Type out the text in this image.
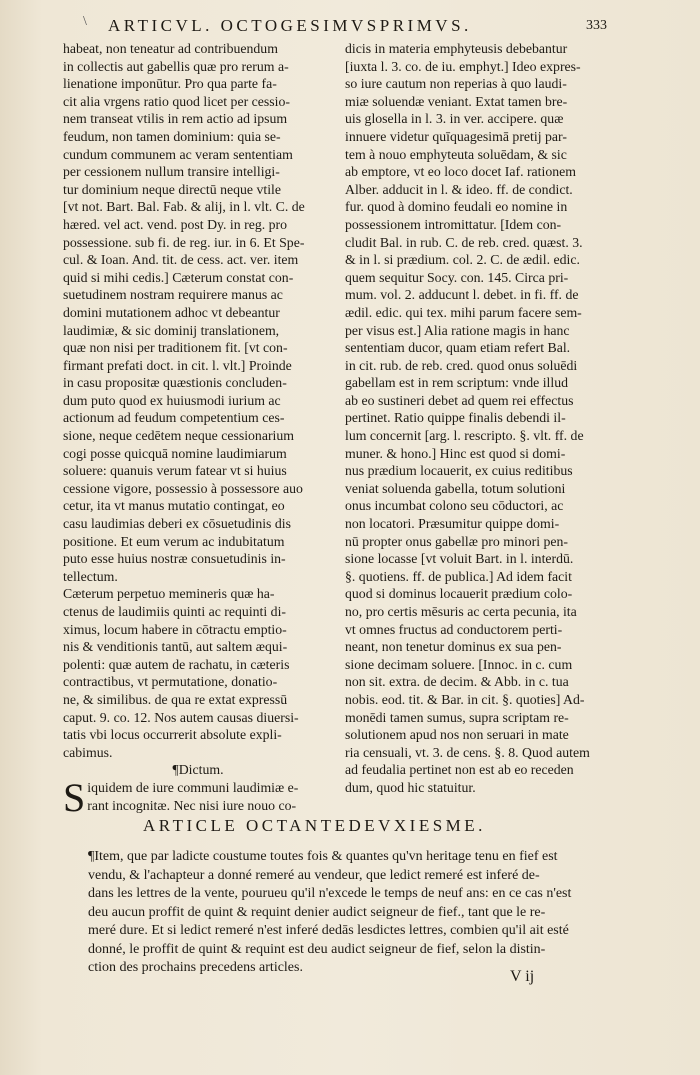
\ ARTICVL. OCTOGESIMVSPRIMVS.	333
habeat, non teneatur ad contribuendum
in collectis aut gabellis quæ pro rerum a-
lienatione imponūtur. Pro qua parte fa-
cit alia vrgens ratio quod licet per cessio-
nem transeat vtilis in rem actio ad ipsum
feudum, non tamen dominium: quia se-
cundum communem ac veram sententiam
per cessionem nullum transire intelligi-
tur dominium neque directū neque vtile
[vt not. Bart. Bal. Fab. & alij, in l. vlt. C. de
hæred. vel act. vend. post Dy. in reg. pro
possessione. sub fi. de reg. iur. in 6. Et Spe-
cul. & Ioan. And. tit. de cess. act. ver. item
quid si mihi cedis.] Cæterum constat con-
suetudinem nostram requirere manus ac
domini mutationem adhoc vt debeantur
laudimiæ, & sic dominij translationem,
quæ non nisi per traditionem fit. [vt con-
firmant prefati doct. in cit. l. vlt.] Proinde
in casu propositæ quæstionis concluden-
dum puto quod ex huiusmodi iurium ac
actionum ad feudum competentium ces-
sione, neque cedētem neque cessionarium
cogi posse quicquā nomine laudimiarum
soluere: quanuis verum fatear vt si huius
cessione vigore, possessio à possessore auo
cetur, ita vt manus mutatio contingat, eo
casu laudimias deberi ex cōsuetudinis dis
positione. Et eum verum ac indubitatum
puto esse huius nostræ consuetudinis in-
tellectum.
Cæterum perpetuo memineris quæ ha-
ctenus de laudimiis quinti ac requinti di-
ximus, locum habere in cōtractu emptio-
nis & venditionis tantū, aut saltem æqui-
polenti: quæ autem de rachatu, in cæteris
contractibus, vt permutatione, donatio-
ne, & similibus. de qua re extat expressū
caput. 9. co. 12. Nos autem causas diuersi-
tatis vbi locus occurrerit absolute expli-
cabimus.
¶Dictum.
S iquidem de iure communi laudimiæ e-
rant incognitæ. Nec nisi iure nouo co-
dicis in materia emphyteusis debebantur
[iuxta l. 3. co. de iu. emphyt.] Ideo expres-
so iure cautum non reperias à quo laudi-
miæ soluendæ veniant. Extat tamen bre-
uis glosella in l. 3. in ver. accipere. quæ
innuere videtur quīquagesimā pretij par-
tem à nouo emphyteuta soluēdam, & sic
ab emptore, vt eo loco docet Iaf. rationem
Alber. adducit in l. & ideo. ff. de condict.
fur. quod à domino feudali eo nomine in
possessionem intromittatur. [Idem con-
cludit Bal. in rub. C. de reb. cred. quæst. 3.
& in l. si prædium. col. 2. C. de ædil. edic.
quem sequitur Socy. con. 145. Circa pri-
mum. vol. 2. adducunt l. debet. in fi. ff. de
ædil. edic. qui tex. mihi parum facere sem-
per visus est.] Alia ratione magis in hanc
sententiam ducor, quam etiam refert Bal.
in cit. rub. de reb. cred. quod onus soluēdi
gabellam est in rem scriptum: vnde illud
ab eo sustineri debet ad quem rei effectus
pertinet. Ratio quippe finalis debendi il-
lum concernit [arg. l. rescripto. §. vlt. ff. de
muner. & hono.] Hinc est quod si domi-
nus prædium locauerit, ex cuius reditibus
veniat soluenda gabella, totum solutioni
onus incumbat colono seu cōductori, ac
non locatori. Præsumitur quippe domi-
nū propter onus gabellæ pro minori pen-
sione locasse [vt voluit Bart. in l. interdū.
§. quotiens. ff. de publica.] Ad idem facit
quod si dominus locauerit prædium colo-
no, pro certis mēsuris ac certa pecunia, ita
vt omnes fructus ad conductorem perti-
neant, non tenetur dominus ex sua pen-
sione decimam soluere. [Innoc. in c. cum
non sit. extra. de decim. & Abb. in c. tua
nobis. eod. tit. & Bar. in cit. §. quoties] Ad-
monēdi tamen sumus, supra scriptam re-
solutionem apud nos non seruari in mate
ria censuali, vt. 3. de cens. §. 8. Quod autem
ad feudalia pertinet non est ab eo receden
dum, quod hic statuitur.
ARTICLE OCTANTEDEVXIESME.
¶Item, que par ladicte coustume toutes fois & quantes qu'vn heritage tenu en fief est
vendu, & l'achapteur a donné remeré au vendeur, que ledict remeré est inferé de-
dans les lettres de la vente, pourueu qu'il n'excede le temps de neuf ans: en ce cas n'est
deu aucun proffit de quint & requint denier audict seigneur de fief., tant que le re-
meré dure. Et si ledict remeré n'est inferé dedās lesdictes lettres, combien qu'il ait esté
donné, le proffit de quint & requint est deu audict seigneur de fief, selon la distin-
ction des prochains precedens articles.
V ij
